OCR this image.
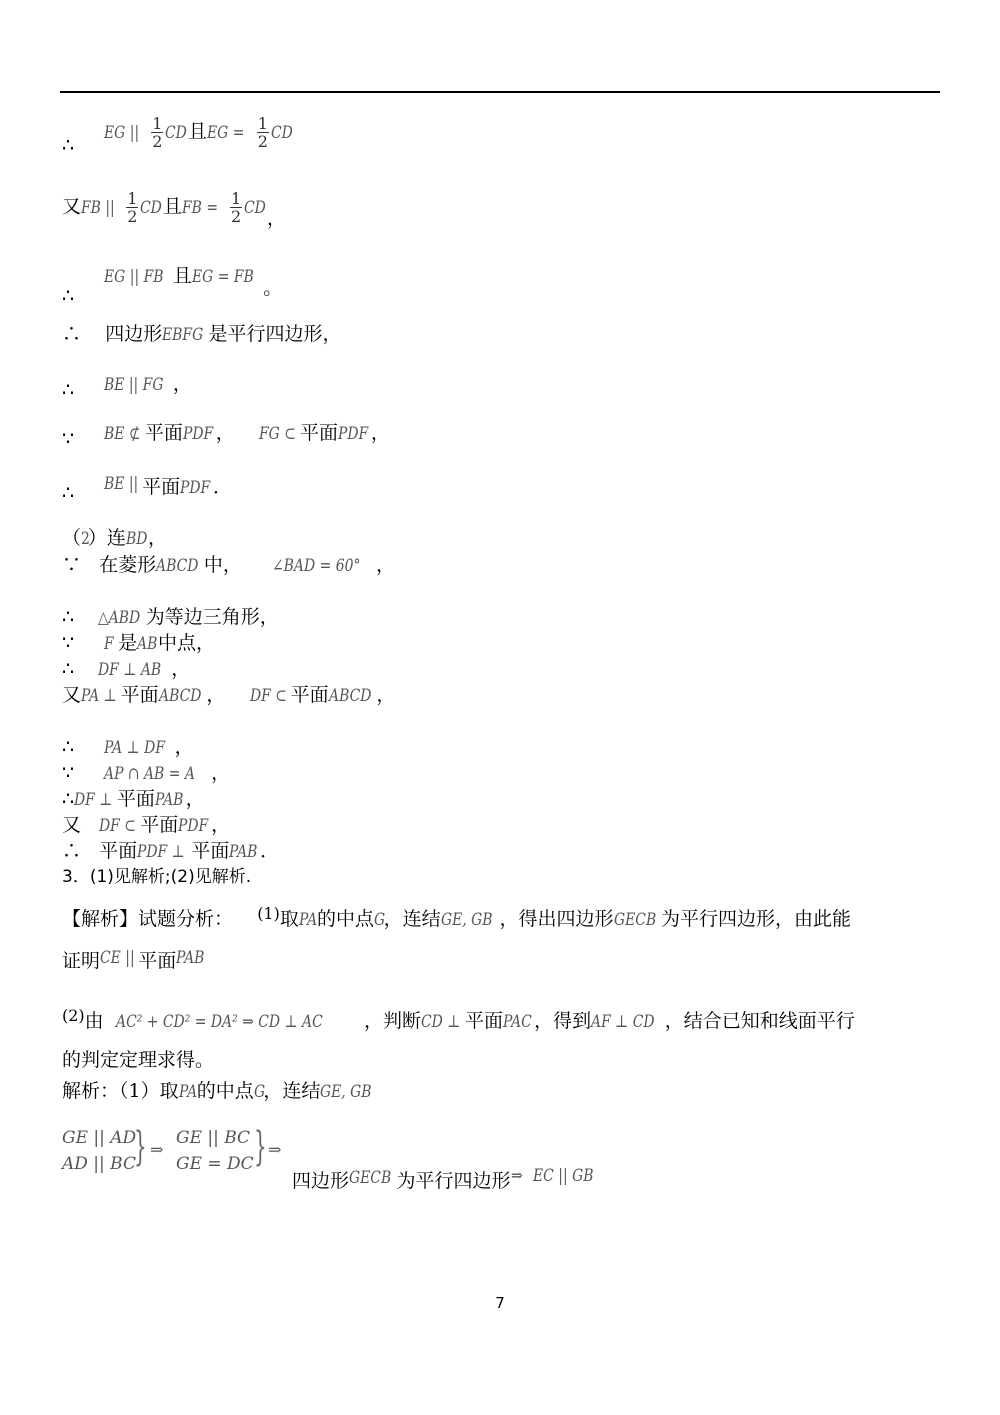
∴     EG || $\frac{1}{2}$ CD且EG = $\frac{1}{2}$ CD
又FB || $\frac{1}{2}$ CD且FB = $\frac{1}{2}$ CD，
∴     EG || FB 且EG = FB 。
∴ 四边形EBFG 是平行四边形，
∴ BE || FG ，
∵ BE ⊄ 平面PDF ， FG ⊂ 平面PDF ，
∴ BE || 平面PDF ．
（2）连BD，
∵ 在菱形ABCD 中， ∠BAD = 60° ，
∴ △ABD 为等边三角形，
∵ F 是AB中点，
∴ DF ⊥ AB ，
又PA ⊥ 平面ABCD ， DF ⊂ 平面ABCD ，
∴ PA ⊥ DF ，
∵ AP ∩ AB = A ，
∴DF ⊥ 平面PAB ，
又 DF ⊂ 平面PDF ，
∴ 平面PDF ⊥ 平面PAB ．
3．(1)见解析;(2)见解析.
【解析】试题分析： $^{(1)}$取PA的中点G，连结GE, GB ，得出四边形GECB 为平行四边形，由此能
证明CE || 平面PAB
$^{(2)}$由 AC² + CD² = DA² ⇒ CD ⊥ AC ，判断CD ⊥ 平面PAC ，得到AF ⊥ CD ，结合已知和线面平行
的判定定理求得。
解析：（1）取PA的中点G，连结GE, GB
GE || AD
AD || BC
} ⇒
GE || BC
GE = DC } ⇒
四边形GECB 为平行四边形⇒ EC || GB
7
